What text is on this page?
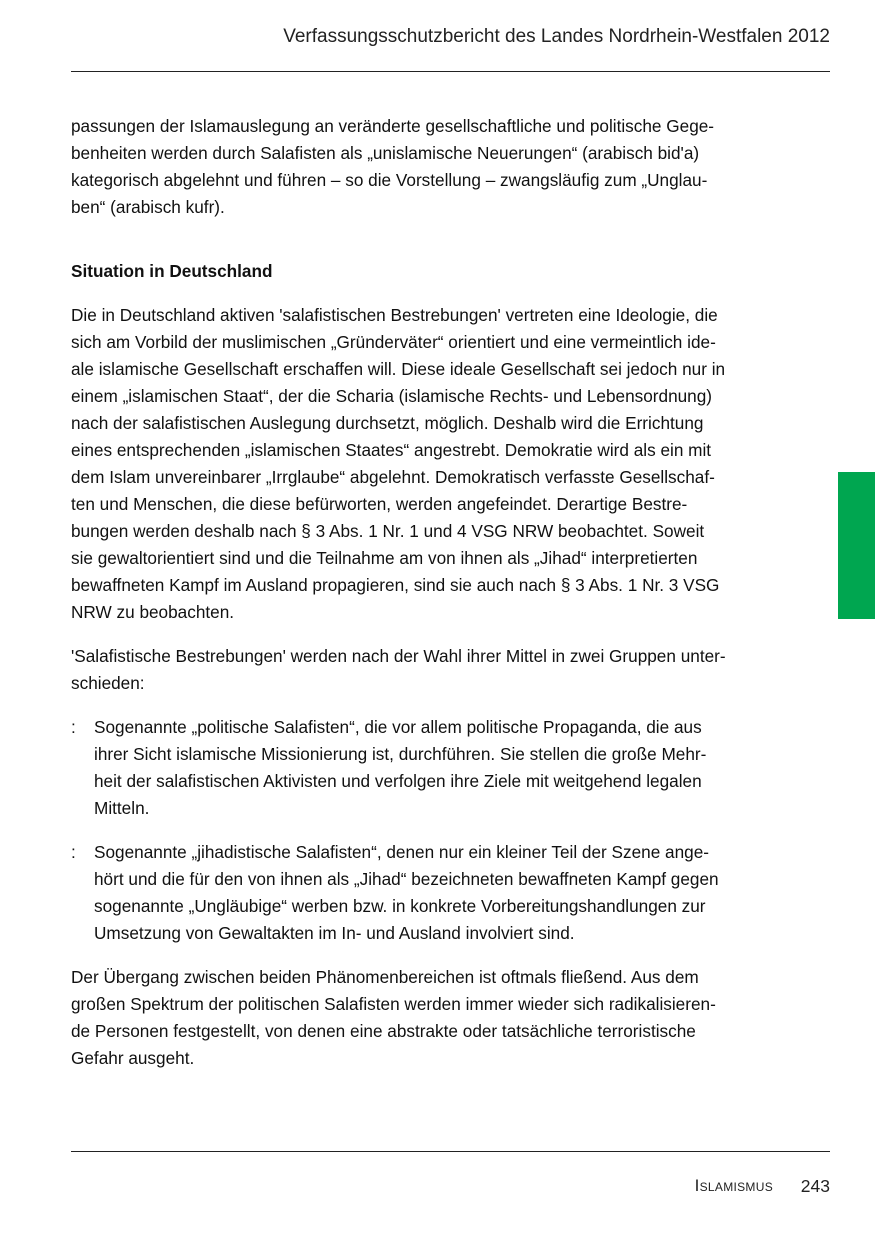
Verfassungsschutzbericht des Landes Nordrhein-Westfalen 2012

passungen der Islamauslegung an veränderte gesellschaftliche und politische Gege-
benheiten werden durch Salafisten als „unislamische Neuerungen“ (arabisch bid'a)
kategorisch abgelehnt und führen – so die Vorstellung – zwangsläufig zum „Unglau-
ben“ (arabisch kufr).

Situation in Deutschland

Die in Deutschland aktiven 'salafistischen Bestrebungen' vertreten eine Ideologie, die
sich am Vorbild der muslimischen „Gründerväter“ orientiert und eine vermeintlich ide-
ale islamische Gesellschaft erschaffen will. Diese ideale Gesellschaft sei jedoch nur in
einem „islamischen Staat“, der die Scharia (islamische Rechts- und Lebensordnung)
nach der salafistischen Auslegung durchsetzt, möglich. Deshalb wird die Errichtung
eines entsprechenden „islamischen Staates“ angestrebt. Demokratie wird als ein mit
dem Islam unvereinbarer „Irrglaube“ abgelehnt. Demokratisch verfasste Gesellschaf-
ten und Menschen, die diese befürworten, werden angefeindet. Derartige Bestre-
bungen werden deshalb nach § 3 Abs. 1 Nr. 1 und 4 VSG NRW beobachtet. Soweit
sie gewaltorientiert sind und die Teilnahme am von ihnen als „Jihad“ interpretierten
bewaffneten Kampf im Ausland propagieren, sind sie auch nach § 3 Abs. 1 Nr. 3 VSG
NRW zu beobachten.

'Salafistische Bestrebungen' werden nach der Wahl ihrer Mittel in zwei Gruppen unter-
schieden:

: Sogenannte „politische Salafisten“, die vor allem politische Propaganda, die aus
ihrer Sicht islamische Missionierung ist, durchführen. Sie stellen die große Mehr-
heit der salafistischen Aktivisten und verfolgen ihre Ziele mit weitgehend legalen
Mitteln.
: Sogenannte „jihadistische Salafisten“, denen nur ein kleiner Teil der Szene ange-
hört und die für den von ihnen als „Jihad“ bezeichneten bewaffneten Kampf gegen
sogenannte „Ungläubige“ werben bzw. in konkrete Vorbereitungshandlungen zur
Umsetzung von Gewaltakten im In- und Ausland involviert sind.

Der Übergang zwischen beiden Phänomenbereichen ist oftmals fließend. Aus dem
großen Spektrum der politischen Salafisten werden immer wieder sich radikalisieren-
de Personen festgestellt, von denen eine abstrakte oder tatsächliche terroristische
Gefahr ausgeht.

Islamismus 243
